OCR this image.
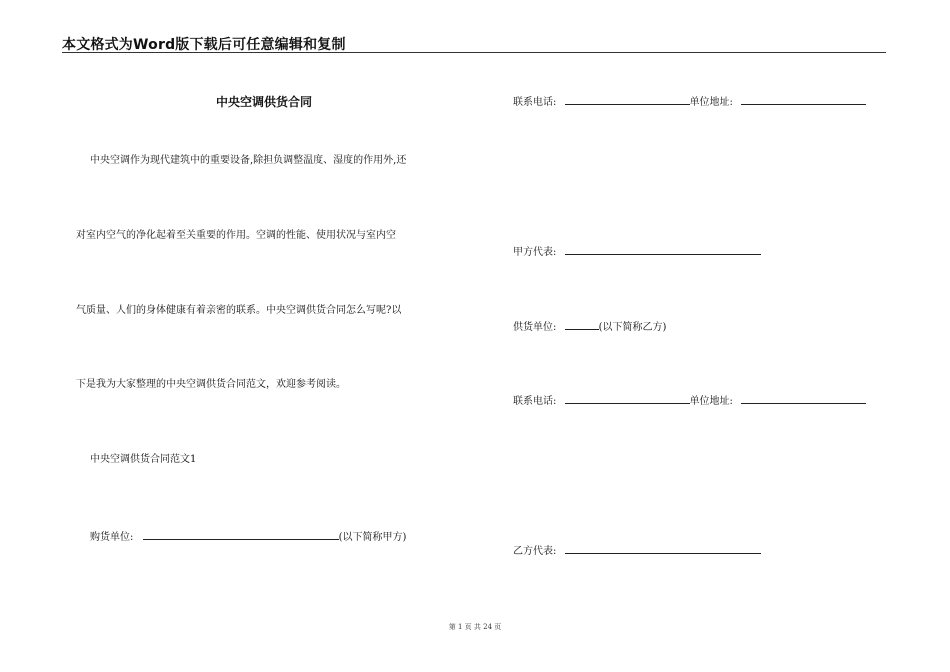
本文格式为Word版下载后可任意编辑和复制
中央空调供货合同
中央空调作为现代建筑中的重要设备,除担负调整温度、湿度的作用外,还
对室内空气的净化起着至关重要的作用。空调的性能、使用状况与室内空
气质量、人们的身体健康有着亲密的联系。中央空调供货合同怎么写呢?以
下是我为大家整理的中央空调供货合同范文，欢迎参考阅读。
中央空调供货合同范文1
购货单位:	(以下简称甲方)
联系电话:	单位地址:
甲方代表:
供货单位:	(以下简称乙方)
联系电话:	单位地址:
乙方代表:
第 1 页 共 24 页
